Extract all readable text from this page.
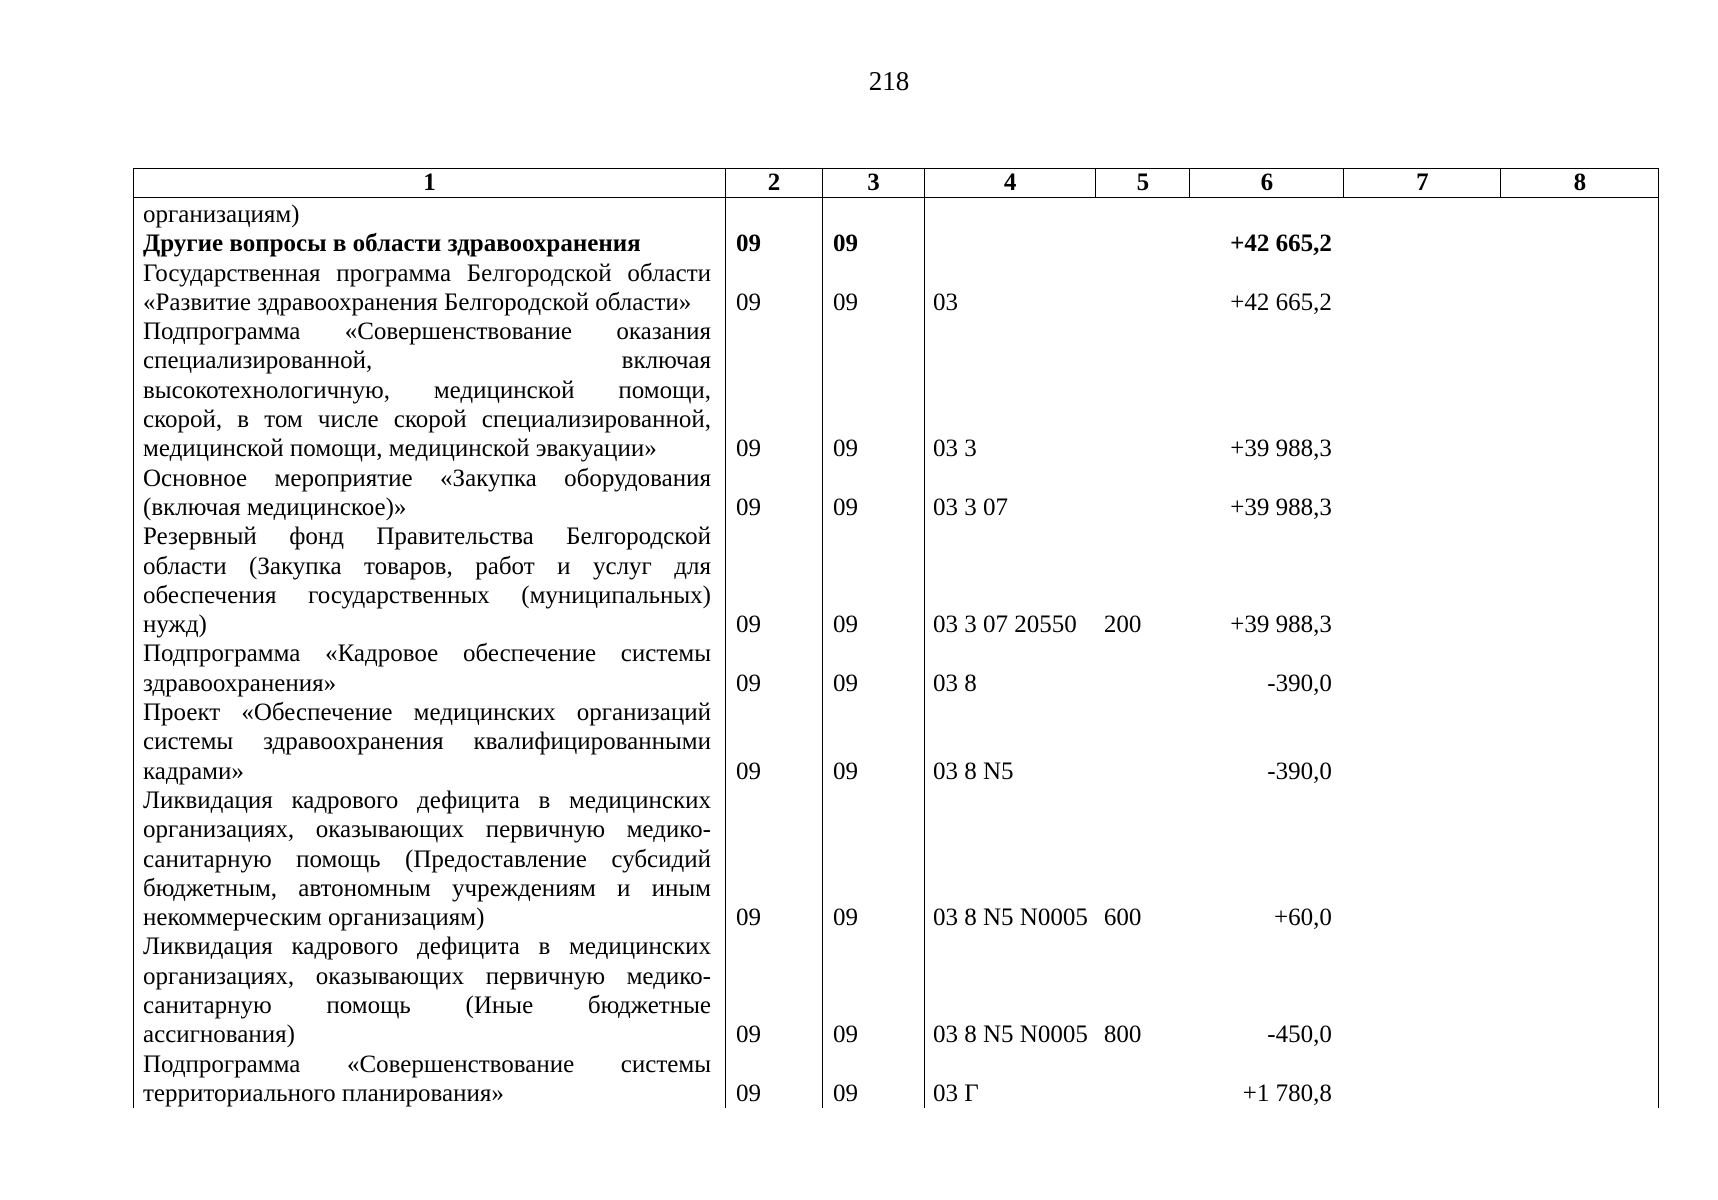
218
1	2	3	4	5	6	7	8
организациям)							
Другие вопросы в области здравоохранения	09	09			+42 665,2		
Государственная программа Белгородской области «Развитие здравоохранения Белгородской области»	09	09	03		+42 665,2		
Подпрограмма «Совершенствование оказания специализированной, включая высокотехнологичную, медицинской помощи, скорой, в том числе скорой специализированной, медицинской помощи, медицинской эвакуации»	09	09	03 3		+39 988,3		
Основное мероприятие «Закупка оборудования (включая медицинское)»	09	09	03 3 07		+39 988,3		
Резервный фонд Правительства Белгородской области (Закупка товаров, работ и услуг для обеспечения государственных (муниципальных) нужд)	09	09	03 3 07 20550	200	+39 988,3		
Подпрограмма «Кадровое обеспечение системы здравоохранения»	09	09	03 8		-390,0		
Проект «Обеспечение медицинских организаций системы здравоохранения квалифицированными кадрами»	09	09	03 8 N5		-390,0		
Ликвидация кадрового дефицита в медицинских организациях, оказывающих первичную медико-санитарную помощь (Предоставление субсидий бюджетным, автономным учреждениям и иным некоммерческим организациям)	09	09	03 8 N5 N0005	600	+60,0		
Ликвидация кадрового дефицита в медицинских организациях, оказывающих первичную медико-санитарную помощь (Иные бюджетные ассигнования)	09	09	03 8 N5 N0005	800	-450,0		
Подпрограмма «Совершенствование системы территориального планирования»	09	09	03 Г		+1 780,8		
